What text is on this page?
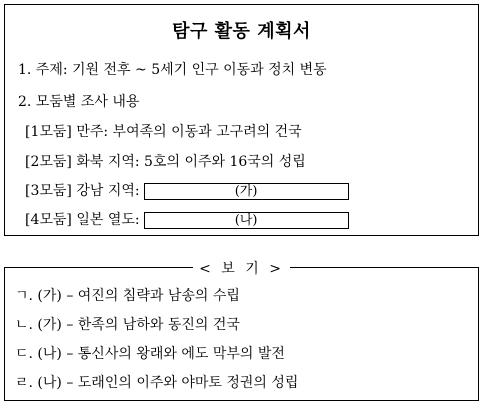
탐구 활동 계획서
1. 주제: 기원 전후 ~ 5세기 인구 이동과 정치 변동
2. 모둠별 조사 내용
[1모둠] 만주: 부여족의 이동과 고구려의 건국
[2모둠] 화북 지역: 5호의 이주와 16국의 성립
[3모둠] 강남 지역:	(가)
[4모둠] 일본 열도:	(나)
< 보 기 >
ㄱ. (가) – 여진의 침략과 남송의 수립
ㄴ. (가) – 한족의 남하와 동진의 건국
ㄷ. (나) – 통신사의 왕래와 에도 막부의 발전
ㄹ. (나) – 도래인의 이주와 야마토 정권의 성립
